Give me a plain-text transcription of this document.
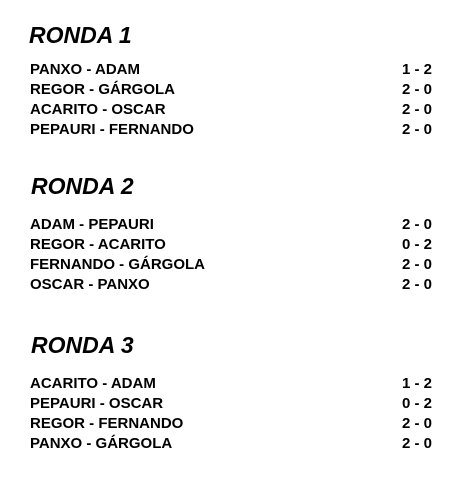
RONDA 1
PANXO - ADAM	1 - 2
REGOR - GÁRGOLA	2 - 0
ACARITO - OSCAR	2 - 0
PEPAURI - FERNANDO	2 - 0
RONDA 2
ADAM - PEPAURI	2 - 0
REGOR - ACARITO	0 - 2
FERNANDO - GÁRGOLA	2 - 0
OSCAR - PANXO	2 - 0
RONDA 3
ACARITO - ADAM	1 - 2
PEPAURI - OSCAR	0 - 2
REGOR - FERNANDO	2 - 0
PANXO - GÁRGOLA	2 - 0
